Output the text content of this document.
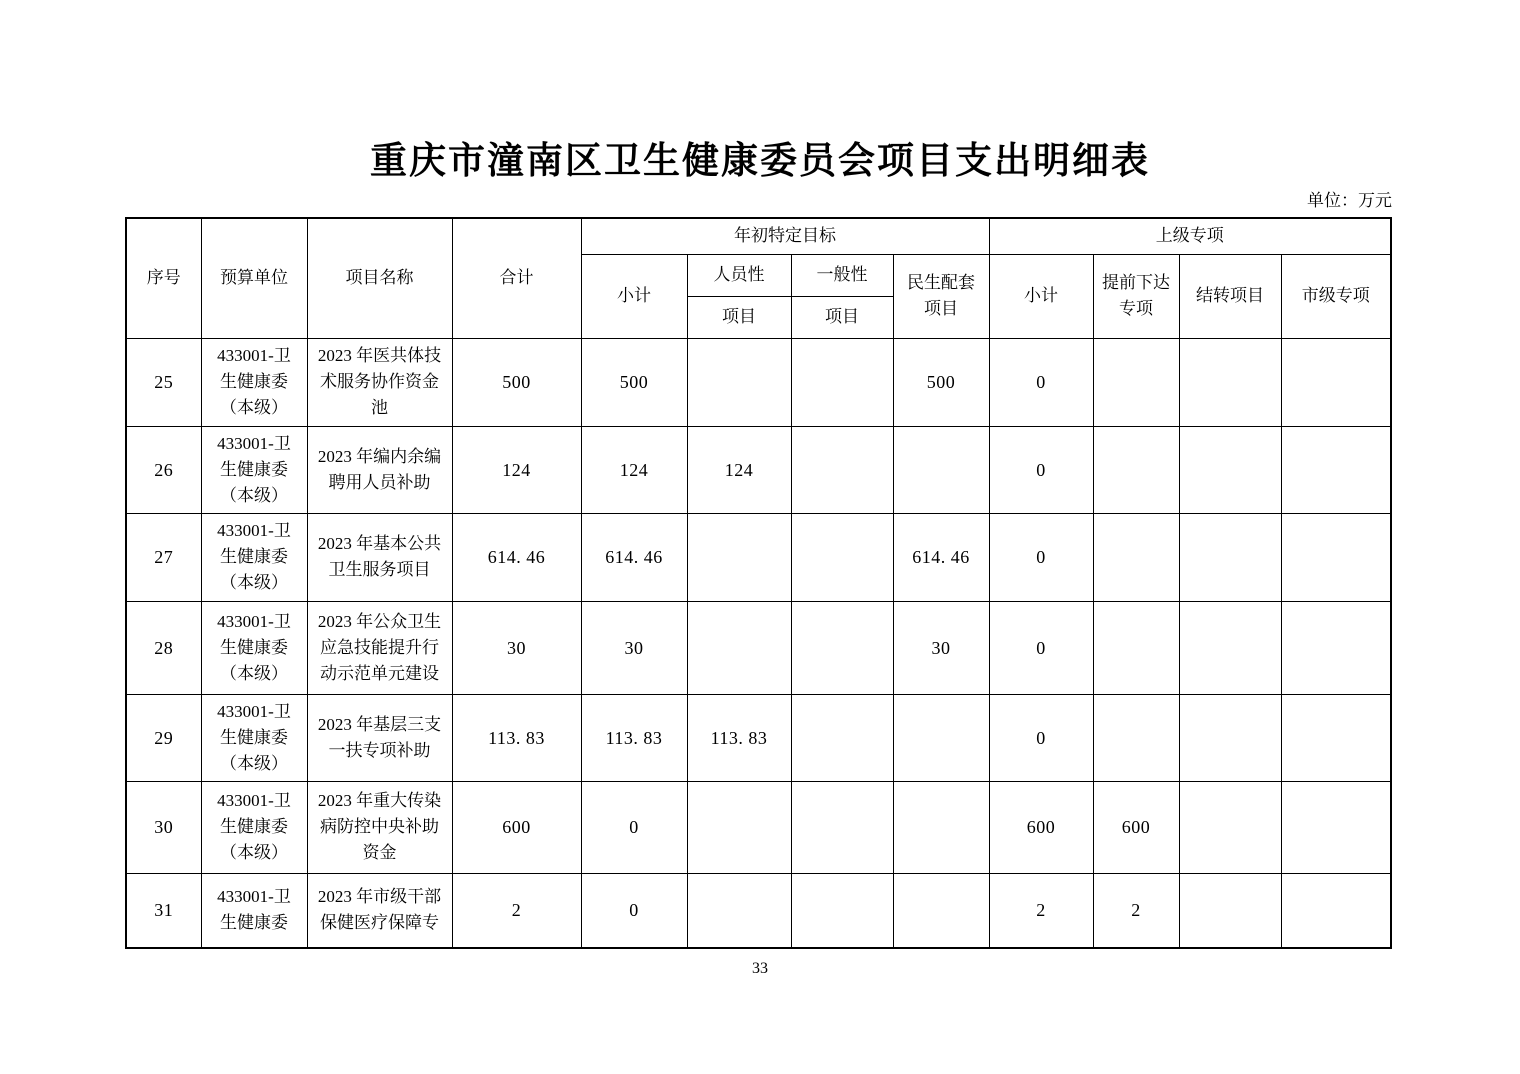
重庆市潼南区卫生健康委员会项目支出明细表
单位：万元
序号	预算单位	项目名称	合计	年初特定目标				上级专项			
				小计	人员性	一般性	民生配套项目	小计	提前下达专项	结转项目	市级专项
					项目	项目					
25	433001-卫生健康委（本级）	2023 年医共体技术服务协作资金池	500	500			500	0			
26	433001-卫生健康委（本级）	2023 年编内余编聘用人员补助	124	124	124			0			
27	433001-卫生健康委（本级）	2023 年基本公共卫生服务项目	614. 46	614. 46			614. 46	0			
28	433001-卫生健康委（本级）	2023 年公众卫生应急技能提升行动示范单元建设	30	30			30	0			
29	433001-卫生健康委（本级）	2023 年基层三支一扶专项补助	113. 83	113. 83	113. 83			0			
30	433001-卫生健康委（本级）	2023 年重大传染病防控中央补助资金	600	0				600	600		
31	433001-卫生健康委	2023 年市级干部保健医疗保障专	2	0				2	2		
33
